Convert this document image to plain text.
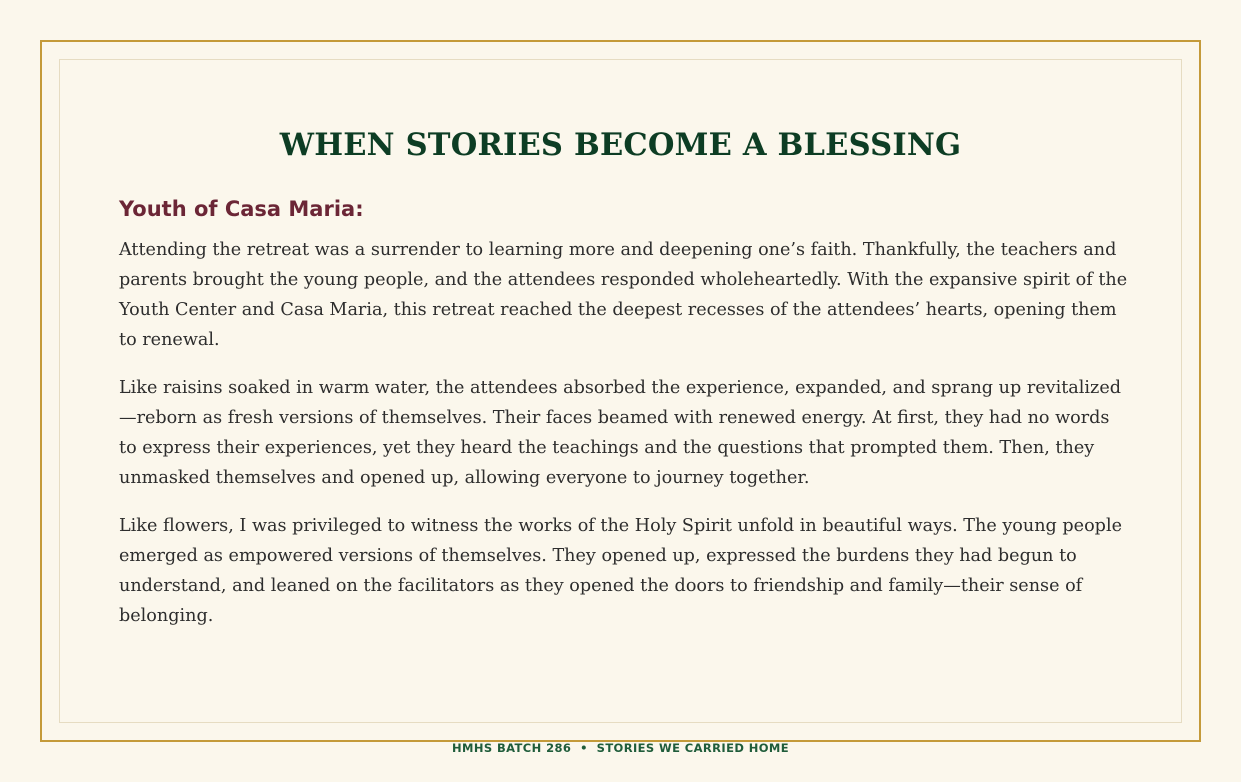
WHEN STORIES BECOME A BLESSING
Youth of Casa Maria:

Attending the retreat was a surrender to learning more and deepening one’s faith. Thankfully, the teachers and parents brought the young people, and the attendees responded wholeheartedly. With the expansive spirit of the Youth Center and Casa Maria, this retreat reached the deepest recesses of the attendees’ hearts, opening them to renewal.

Like raisins soaked in warm water, the attendees absorbed the experience, expanded, and sprang up revitalized—reborn as fresh versions of themselves. Their faces beamed with renewed energy. At first, they had no words to express their experiences, yet they heard the teachings and the questions that prompted them. Then, they unmasked themselves and opened up, allowing everyone to journey together.

Like flowers, I was privileged to witness the works of the Holy Spirit unfold in beautiful ways. The young people emerged as empowered versions of themselves. They opened up, expressed the burdens they had begun to understand, and leaned on the facilitators as they opened the doors to friendship and family—their sense of belonging.

HMHS BATCH 286  •  STORIES WE CARRIED HOME
